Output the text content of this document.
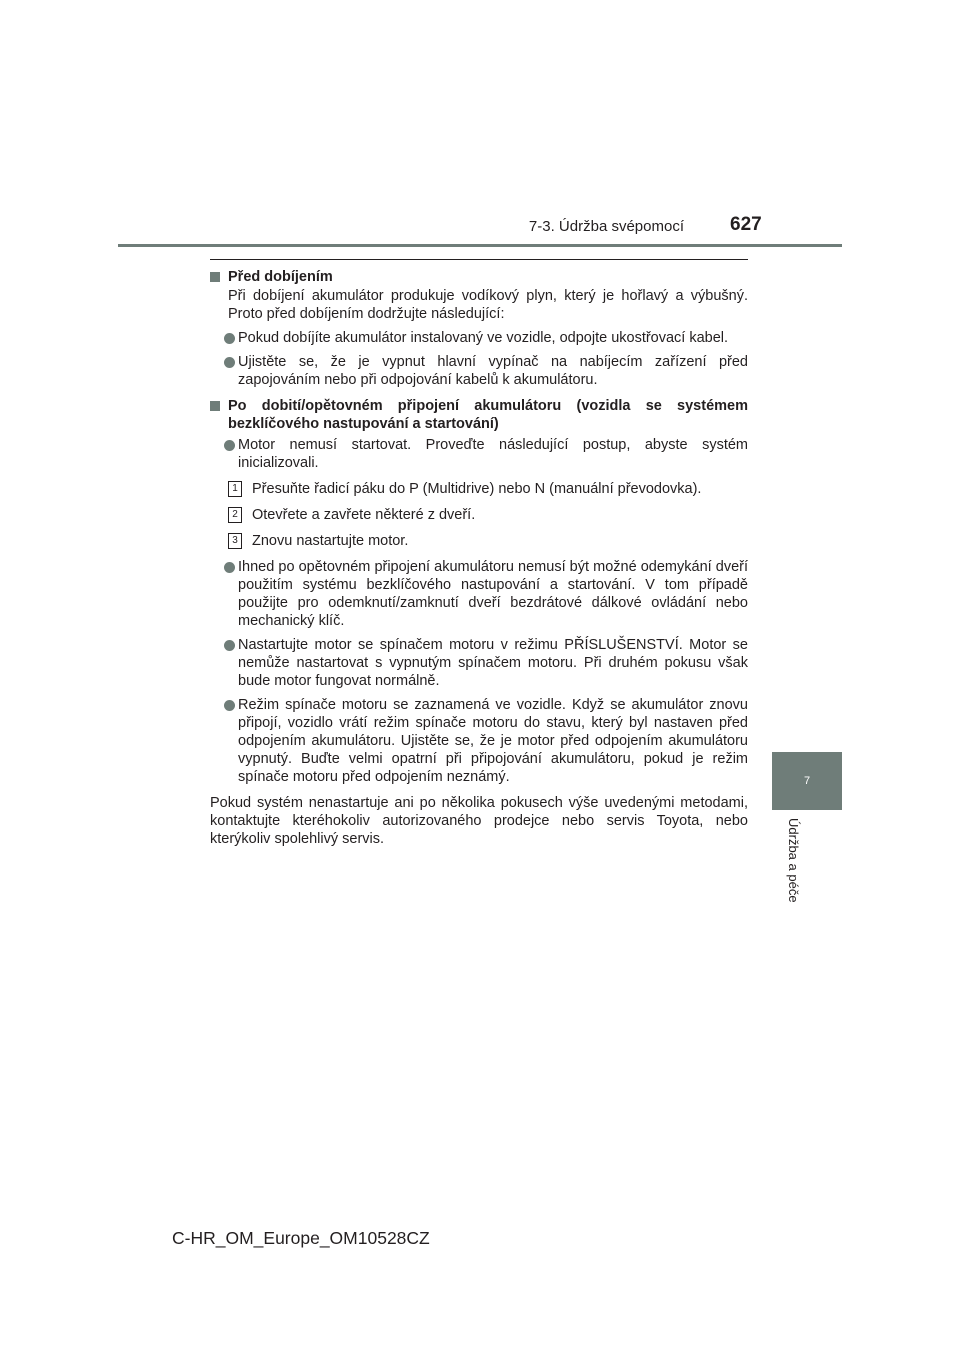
7-3. Údržba svépomocí 627
7
Údržba a péče
Před dobíjením
Při dobíjení akumulátor produkuje vodíkový plyn, který je hořlavý a výbušný. Proto před dobíjením dodržujte následující:
Pokud dobíjíte akumulátor instalovaný ve vozidle, odpojte ukostřovací kabel.
Ujistěte se, že je vypnut hlavní vypínač na nabíjecím zařízení před zapojováním nebo při odpojování kabelů k akumulátoru.
Po dobití/opětovném připojení akumulátoru (vozidla se systémem bezklíčového nastupování a startování)
Motor nemusí startovat. Proveďte následující postup, abyste systém inicializovali.
1 Přesuňte řadicí páku do P (Multidrive) nebo N (manuální převodovka).
2 Otevřete a zavřete některé z dveří.
3 Znovu nastartujte motor.
Ihned po opětovném připojení akumulátoru nemusí být možné odemykání dveří použitím systému bezklíčového nastupování a startování. V tom případě použijte pro odemknutí/zamknutí dveří bezdrátové dálkové ovládání nebo mechanický klíč.
Nastartujte motor se spínačem motoru v režimu PŘÍSLUŠENSTVÍ. Motor se nemůže nastartovat s vypnutým spínačem motoru. Při druhém pokusu však bude motor fungovat normálně.
Režim spínače motoru se zaznamená ve vozidle. Když se akumulátor znovu připojí, vozidlo vrátí režim spínače motoru do stavu, který byl nastaven před odpojením akumulátoru. Ujistěte se, že je motor před odpojením akumulátoru vypnutý. Buďte velmi opatrní při připojování akumulátoru, pokud je režim spínače motoru před odpojením neznámý.
Pokud systém nenastartuje ani po několika pokusech výše uvedenými metodami, kontaktujte kteréhokoliv autorizovaného prodejce nebo servis Toyota, nebo kterýkoliv spolehlivý servis.
C-HR_OM_Europe_OM10528CZ
